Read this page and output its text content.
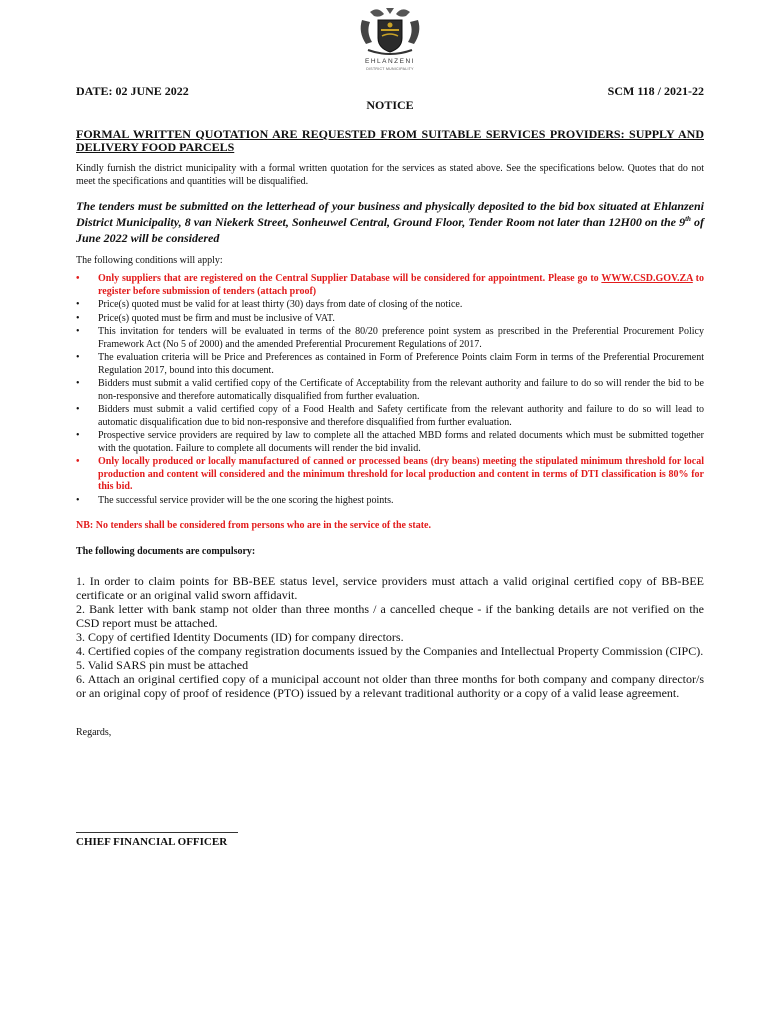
EHLANZENI
DISTRICT MUNICIPALITY
DATE: 02 JUNE 2022	SCM 118 / 2021-22
NOTICE
FORMAL WRITTEN QUOTATION ARE REQUESTED FROM SUITABLE SERVICES PROVIDERS: SUPPLY AND DELIVERY FOOD PARCELS
Kindly furnish the district municipality with a formal written quotation for the services as stated above. See the specifications below. Quotes that do not meet the specifications and quantities will be disqualified.
The tenders must be submitted on the letterhead of your business and physically deposited to the bid box situated at Ehlanzeni District Municipality, 8 van Niekerk Street, Sonheuwel Central, Ground Floor, Tender Room not later than 12H00 on the 9th of June 2022 will be considered
The following conditions will apply:
• Only suppliers that are registered on the Central Supplier Database will be considered for appointment. Please go to WWW.CSD.GOV.ZA to register before submission of tenders (attach proof)
• Price(s) quoted must be valid for at least thirty (30) days from date of closing of the notice.
• Price(s) quoted must be firm and must be inclusive of VAT.
• This invitation for tenders will be evaluated in terms of the 80/20 preference point system as prescribed in the Preferential Procurement Policy Framework Act (No 5 of 2000) and the amended Preferential Procurement Regulations of 2017.
• The evaluation criteria will be Price and Preferences as contained in Form of Preference Points claim Form in terms of the Preferential Procurement Regulation 2017, bound into this document.
• Bidders must submit a valid certified copy of the Certificate of Acceptability from the relevant authority and failure to do so will render the bid to be non-responsive and therefore automatically disqualified from further evaluation.
• Bidders must submit a valid certified copy of a Food Health and Safety certificate from the relevant authority and failure to do so will lead to automatic disqualification due to bid non-responsive and therefore disqualified from further evaluation.
• Prospective service providers are required by law to complete all the attached MBD forms and related documents which must be submitted together with the quotation. Failure to complete all documents will render the bid invalid.
• Only locally produced or locally manufactured of canned or processed beans (dry beans) meeting the stipulated minimum threshold for local production and content will considered and the minimum threshold for local production and content in terms of DTI classification is 80% for this bid.
• The successful service provider will be the one scoring the highest points.
NB: No tenders shall be considered from persons who are in the service of the state.
The following documents are compulsory:
1. In order to claim points for BB-BEE status level, service providers must attach a valid original certified copy of BB-BEE certificate or an original valid sworn affidavit.
2. Bank letter with bank stamp not older than three months / a cancelled cheque - if the banking details are not verified on the CSD report must be attached.
3. Copy of certified Identity Documents (ID) for company directors.
4. Certified copies of the company registration documents issued by the Companies and Intellectual Property Commission (CIPC).
5. Valid SARS pin must be attached
6. Attach an original certified copy of a municipal account not older than three months for both company and company director/s or an original copy of proof of residence (PTO) issued by a relevant traditional authority or a copy of a valid lease agreement.
Regards,
CHIEF FINANCIAL OFFICER
